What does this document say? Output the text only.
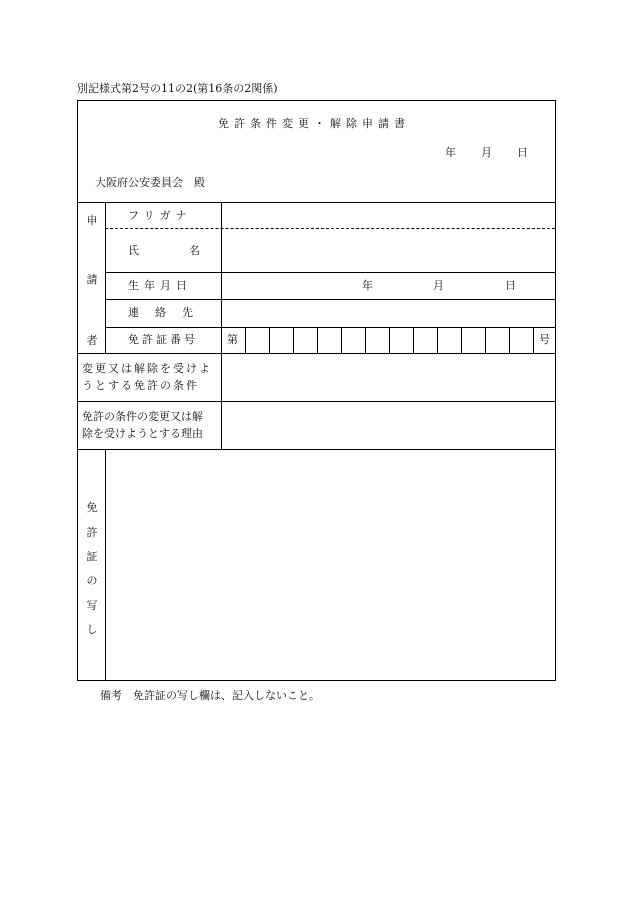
別記様式第2号の11の2(第16条の2関係)
免許条件変更・解除申請書
年 月 日
大阪府公安委員会　殿
申
請
者
フリガナ
氏　　名
生年月日	年	月	日
連絡先
免許証番号	第	号
変更又は解除を受けよ
うとする免許の条件
免許の条件の変更又は解
除を受けようとする理由
免
許
証
の
写
し
備考　免許証の写し欄は、記入しないこと。
